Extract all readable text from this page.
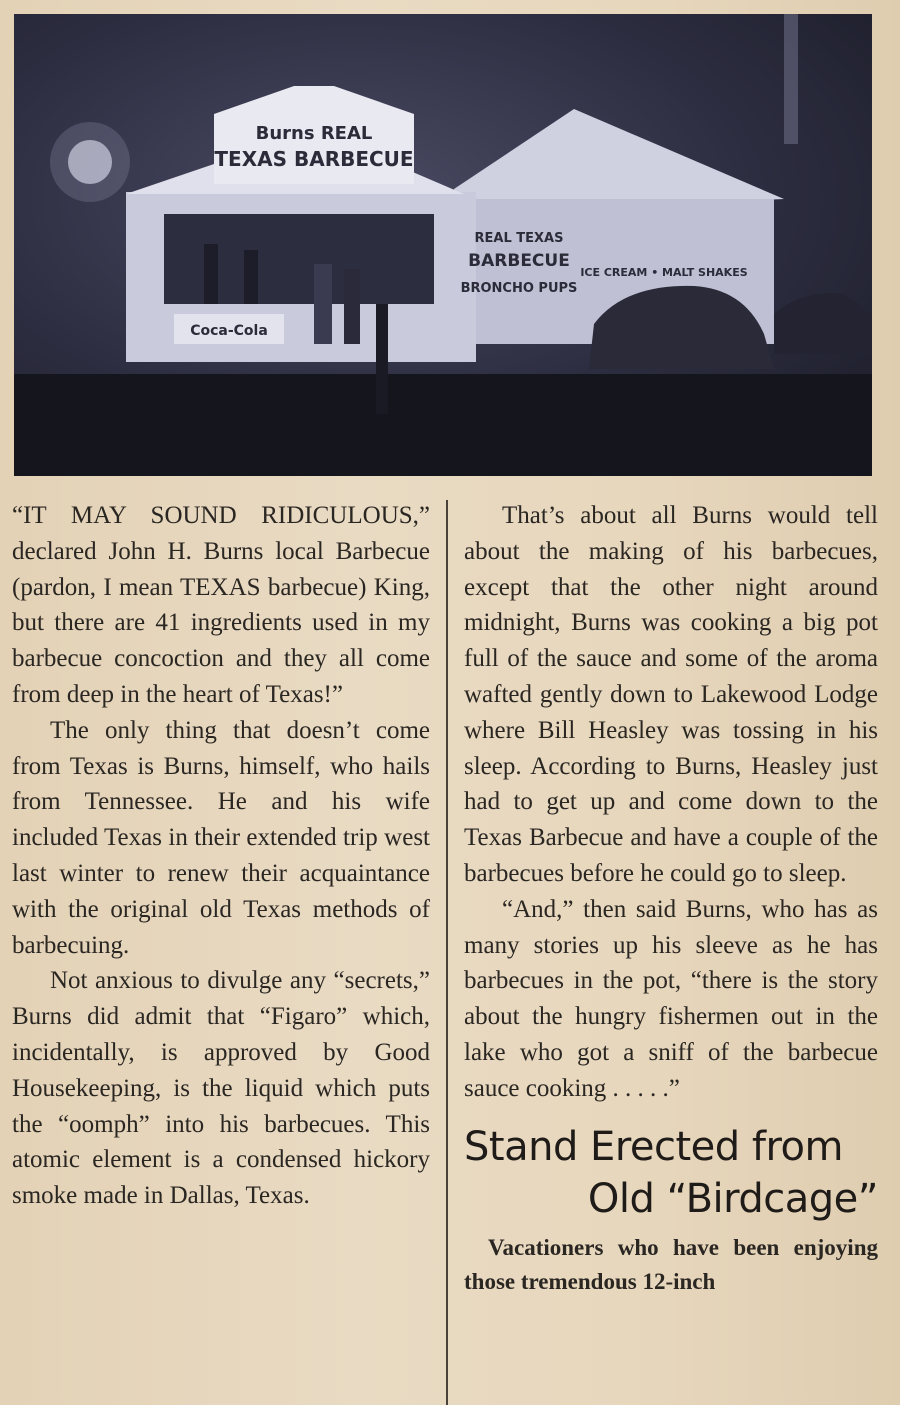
Burns REAL
TEXAS BARBECUE
REAL TEXAS
BARBECUE
BRONCHO PUPS
ICE CREAM • MALT SHAKES
Coca-Cola

“IT MAY SOUND RIDICULOUS,” declared John H. Burns local Barbecue (pardon, I mean TEXAS barbecue) King, but there are 41 ingredients used in my barbecue concoction and they all come from deep in the heart of Texas!”

The only thing that doesn’t come from Texas is Burns, himself, who hails from Tennessee. He and his wife included Texas in their extended trip west last winter to renew their acquaintance with the original old Texas methods of barbecuing.

Not anxious to divulge any “secrets,” Burns did admit that “Figaro” which, incidentally, is approved by Good Housekeeping, is the liquid which puts the “oomph” into his barbecues. This atomic element is a condensed hickory smoke made in Dallas, Texas.

That’s about all Burns would tell about the making of his barbecues, except that the other night around midnight, Burns was cooking a big pot full of the sauce and some of the aroma wafted gently down to Lakewood Lodge where Bill Heasley was tossing in his sleep. According to Burns, Heasley just had to get up and come down to the Texas Barbecue and have a couple of the barbecues before he could go to sleep.

“And,” then said Burns, who has as many stories up his sleeve as he has barbecues in the pot, “there is the story about the hungry fishermen out in the lake who got a sniff of the barbecue sauce cooking . . . . .”

Stand Erected from
Old “Birdcage”

Vacationers who have been enjoying those tremendous 12-inch
